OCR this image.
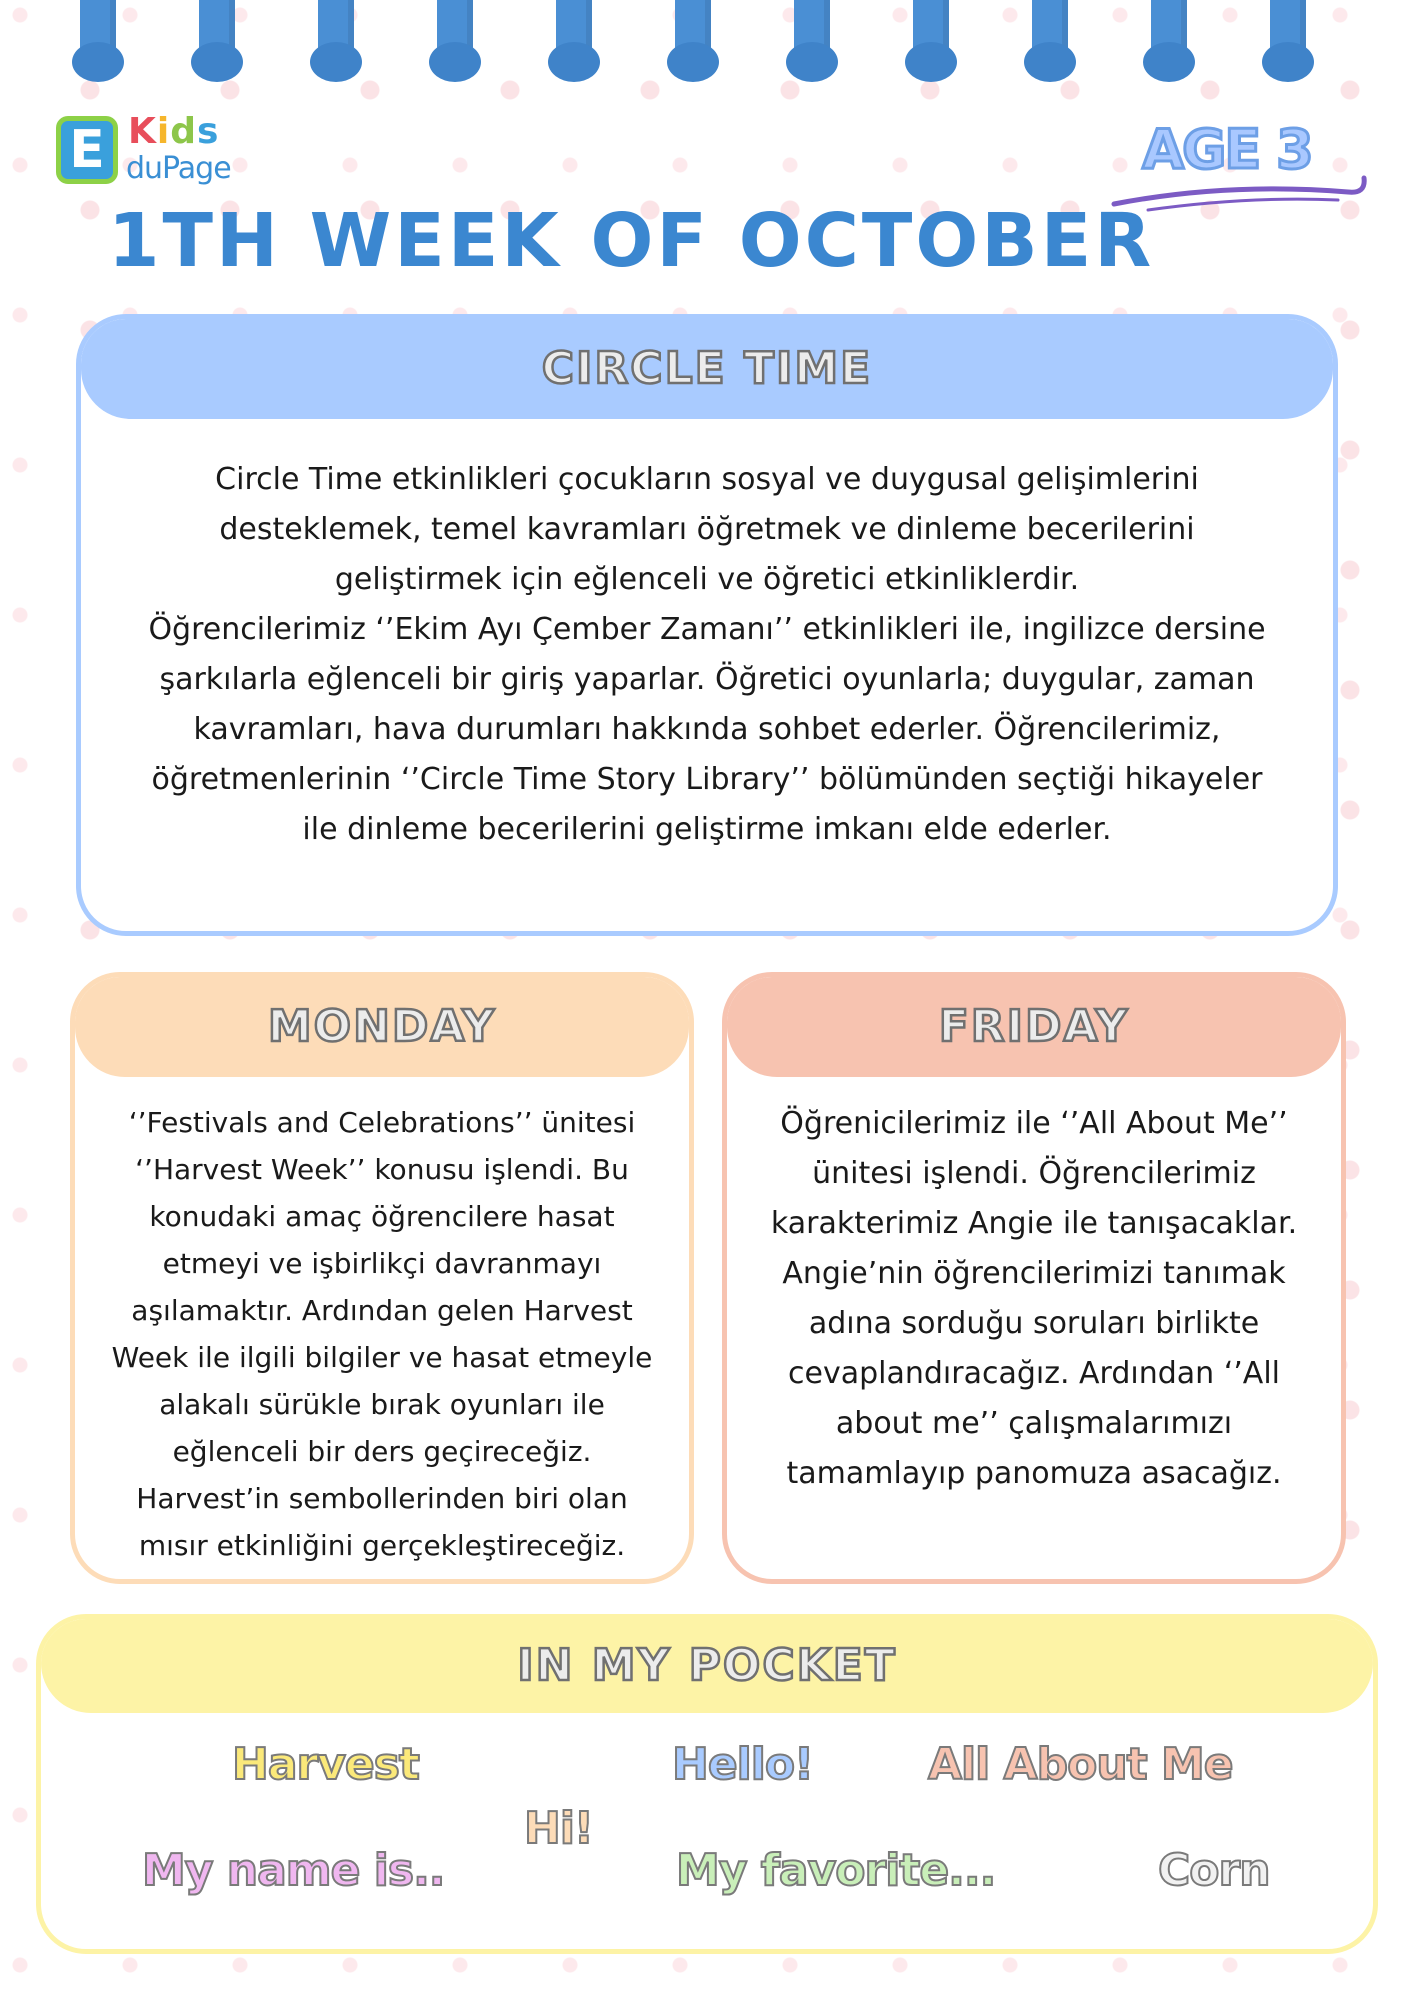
E Kids
duPage	AGE 3
1TH WEEK OF OCTOBER
CIRCLE TIME

Circle Time etkinlikleri çocukların sosyal ve duygusal gelişimlerini desteklemek, temel kavramları öğretmek ve dinleme becerilerini geliştirmek için eğlenceli ve öğretici etkinliklerdir.

Öğrencilerimiz ‘’Ekim Ayı Çember Zamanı’’ etkinlikleri ile, ingilizce dersine şarkılarla eğlenceli bir giriş yaparlar. Öğretici oyunlarla; duygular, zaman kavramları, hava durumları hakkında sohbet ederler. Öğrencilerimiz, öğretmenlerinin ‘’Circle Time Story Library’’ bölümünden seçtiği hikayeler ile dinleme becerilerini geliştirme imkanı elde ederler.

MONDAY

‘’Festivals and Celebrations’’ ünitesi ‘’Harvest Week’’ konusu işlendi. Bu konudaki amaç öğrencilere hasat etmeyi ve işbirlikçi davranmayı aşılamaktır. Ardından gelen Harvest Week ile ilgili bilgiler ve hasat etmeyle alakalı sürükle bırak oyunları ile eğlenceli bir ders geçireceğiz. Harvest’in sembollerinden biri olan mısır etkinliğini gerçekleştireceğiz.

FRIDAY

Öğrenicilerimiz ile ‘’All About Me’’ ünitesi işlendi. Öğrencilerimiz karakterimiz Angie ile tanışacaklar. Angie’nin öğrencilerimizi tanımak adına sorduğu soruları birlikte cevaplandıracağız. Ardından ‘’All about me’’ çalışmalarımızı tamamlayıp panomuza asacağız.

IN MY POCKET
Harvest	Hello!	All About Me
Hi!
My name is..	My favorite...	Corn
